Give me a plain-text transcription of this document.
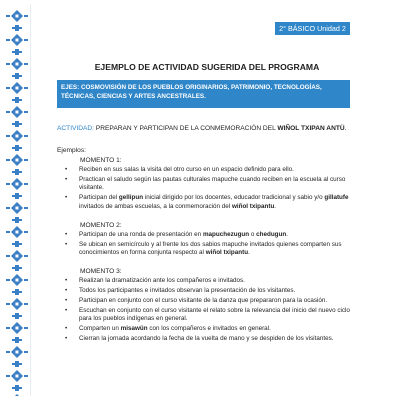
2° BÁSICO Unidad 2
EJEMPLO DE ACTIVIDAD SUGERIDA DEL PROGRAMA
EJES: COSMOVISIÓN DE LOS PUEBLOS ORIGINARIOS, PATRIMONIO, TECNOLOGÍAS, TÉCNICAS, CIENCIAS Y ARTES ANCESTRALES.
ACTIVIDAD: PREPARAN Y PARTICIPAN DE LA CONMEMORACIÓN DEL WIÑOL TXIPAN ANTÜ.
Ejemplos:
MOMENTO 1:
• Reciben en sus salas la visita del otro curso en un espacio definido para ello.
• Practican el saludo según las pautas culturales mapuche cuando reciben en la escuela al curso visitante.
• Participan del gellipun inicial dirigido por los docentes, educador tradicional y sabio y/o gillatufe invitados de ambas escuelas, a la conmemoración del wiñol txipantu.
MOMENTO 2:
• Participan de una ronda de presentación en mapuchezugun o chedugun.
• Se ubican en semicírculo y al frente los dos sabios mapuche invitados quienes comparten sus conocimientos en forma conjunta respecto al wiñol txipantu.
MOMENTO 3:
• Realizan la dramatización ante los compañeros e invitados.
• Todos los participantes e invitados observan la presentación de los visitantes.
• Participan en conjunto con el curso visitante de la danza que prepararon para la ocasión.
• Escuchan en conjunto con el curso visitante el relato sobre la relevancia del inicio del nuevo ciclo para los pueblos indígenas en general.
• Comparten un misawün con los compañeros e invitados en general.
• Cierran la jornada acordando la fecha de la vuelta de mano y se despiden de los visitantes.
